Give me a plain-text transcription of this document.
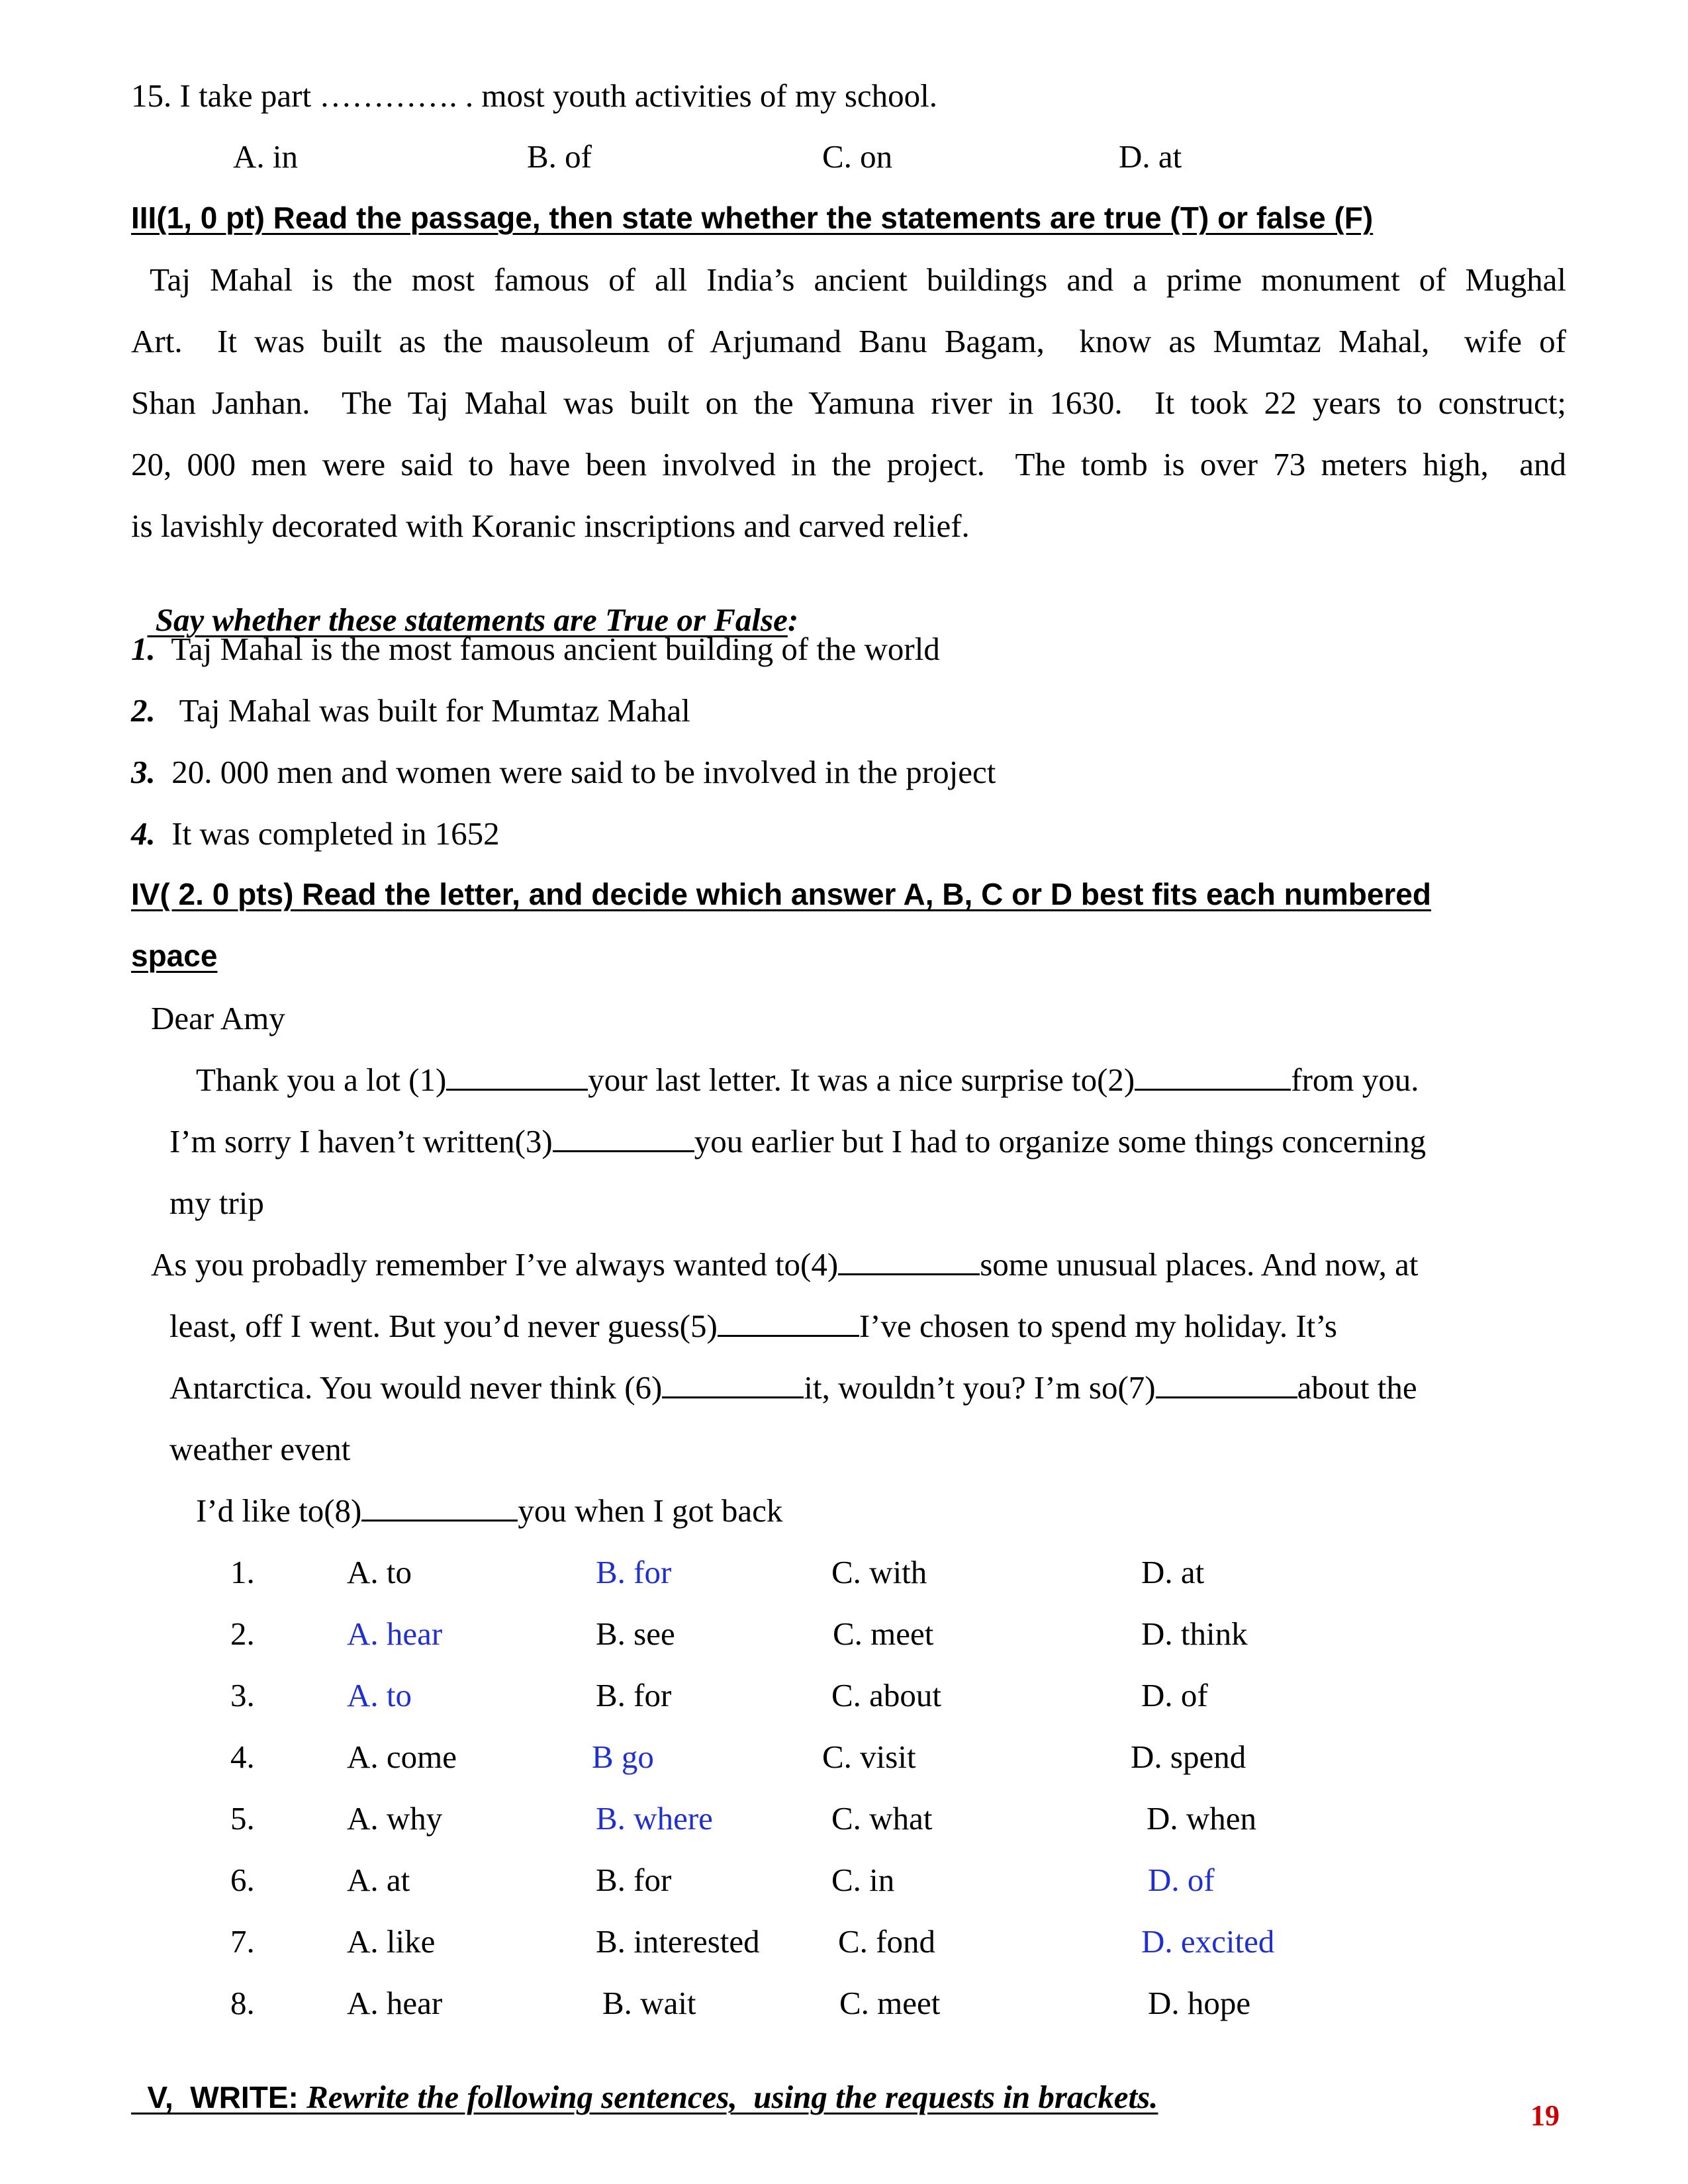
15. I take part …………. . most youth activities of my school.
A. in	B. of	C. on	D. at
III(1, 0 pt) Read the passage, then state whether the statements are true (T) or false (F)
Taj Mahal is the most famous of all India’s ancient buildings and a prime monument of Mughal
Art.  It was built as the mausoleum of Arjumand Banu Bagam,  know as Mumtaz Mahal,  wife of
Shan Janhan.  The Taj Mahal was built on the Yamuna river in 1630.  It took 22 years to construct;
20, 000 men were said to have been involved in the project.  The tomb is over 73 meters high,  and
is lavishly decorated with Koranic inscriptions and carved relief.

Say whether these statements are True or False:

1.  Taj Mahal is the most famous ancient building of the world
2.   Taj Mahal was built for Mumtaz Mahal
3.  20. 000 men and women were said to be involved in the project
4.  It was completed in 1652
IV( 2. 0 pts) Read the letter, and decide which answer A, B, C or D best fits each numbered
space
Dear Amy
Thank you a lot (1)	your last letter. It was a nice surprise to(2)	from you.
I’m sorry I haven’t written(3)	you earlier but I had to organize some things concerning
my trip
As you probadly remember I’ve always wanted to(4)	some unusual places. And now, at
least, off I went. But you’d never guess(5)	I’ve chosen to spend my holiday. It’s
Antarctica. You would never think (6)	it, wouldn’t you? I’m so(7)	about the
weather event
I’d like to(8)	you when I got back
1.	A. to	B. for	C. with	D. at
2.	A. hear	B. see	C. meet	D. think
3.	A. to	B. for	C. about	D. of
4.	A. come	B go	C. visit	D. spend
5.	A. why	B. where	C. what	D. when
6.	A. at	B. for	C. in	D. of
7.	A. like	B. interested C. fond	D. excited
8.	A. hear	B. wait	C. meet	D. hope

V,  WRITE: Rewrite the following sentences,  using the requests in brackets.

19
